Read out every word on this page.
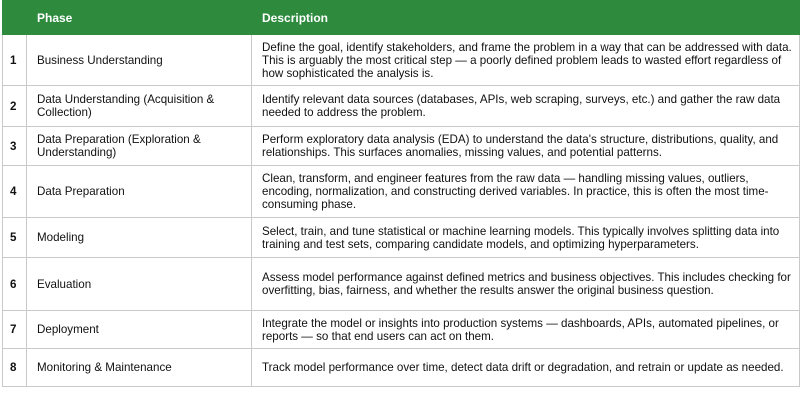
	Phase	Description
1	Business Understanding	Define the goal, identify stakeholders, and frame the problem in a way that can be addressed with data. This is arguably the most critical step — a poorly defined problem leads to wasted effort regardless of how sophisticated the analysis is.
2	Data Understanding (Acquisition & Collection)	Identify relevant data sources (databases, APIs, web scraping, surveys, etc.) and gather the raw data needed to address the problem.
3	Data Preparation (Exploration & Understanding)	Perform exploratory data analysis (EDA) to understand the data's structure, distributions, quality, and relationships. This surfaces anomalies, missing values, and potential patterns.
4	Data Preparation	Clean, transform, and engineer features from the raw data — handling missing values, outliers, encoding, normalization, and constructing derived variables. In practice, this is often the most time-consuming phase.
5	Modeling	Select, train, and tune statistical or machine learning models. This typically involves splitting data into training and test sets, comparing candidate models, and optimizing hyperparameters.
6	Evaluation	Assess model performance against defined metrics and business objectives. This includes checking for overfitting, bias, fairness, and whether the results answer the original business question.
7	Deployment	Integrate the model or insights into production systems — dashboards, APIs, automated pipelines, or reports — so that end users can act on them.
8	Monitoring & Maintenance	Track model performance over time, detect data drift or degradation, and retrain or update as needed.
